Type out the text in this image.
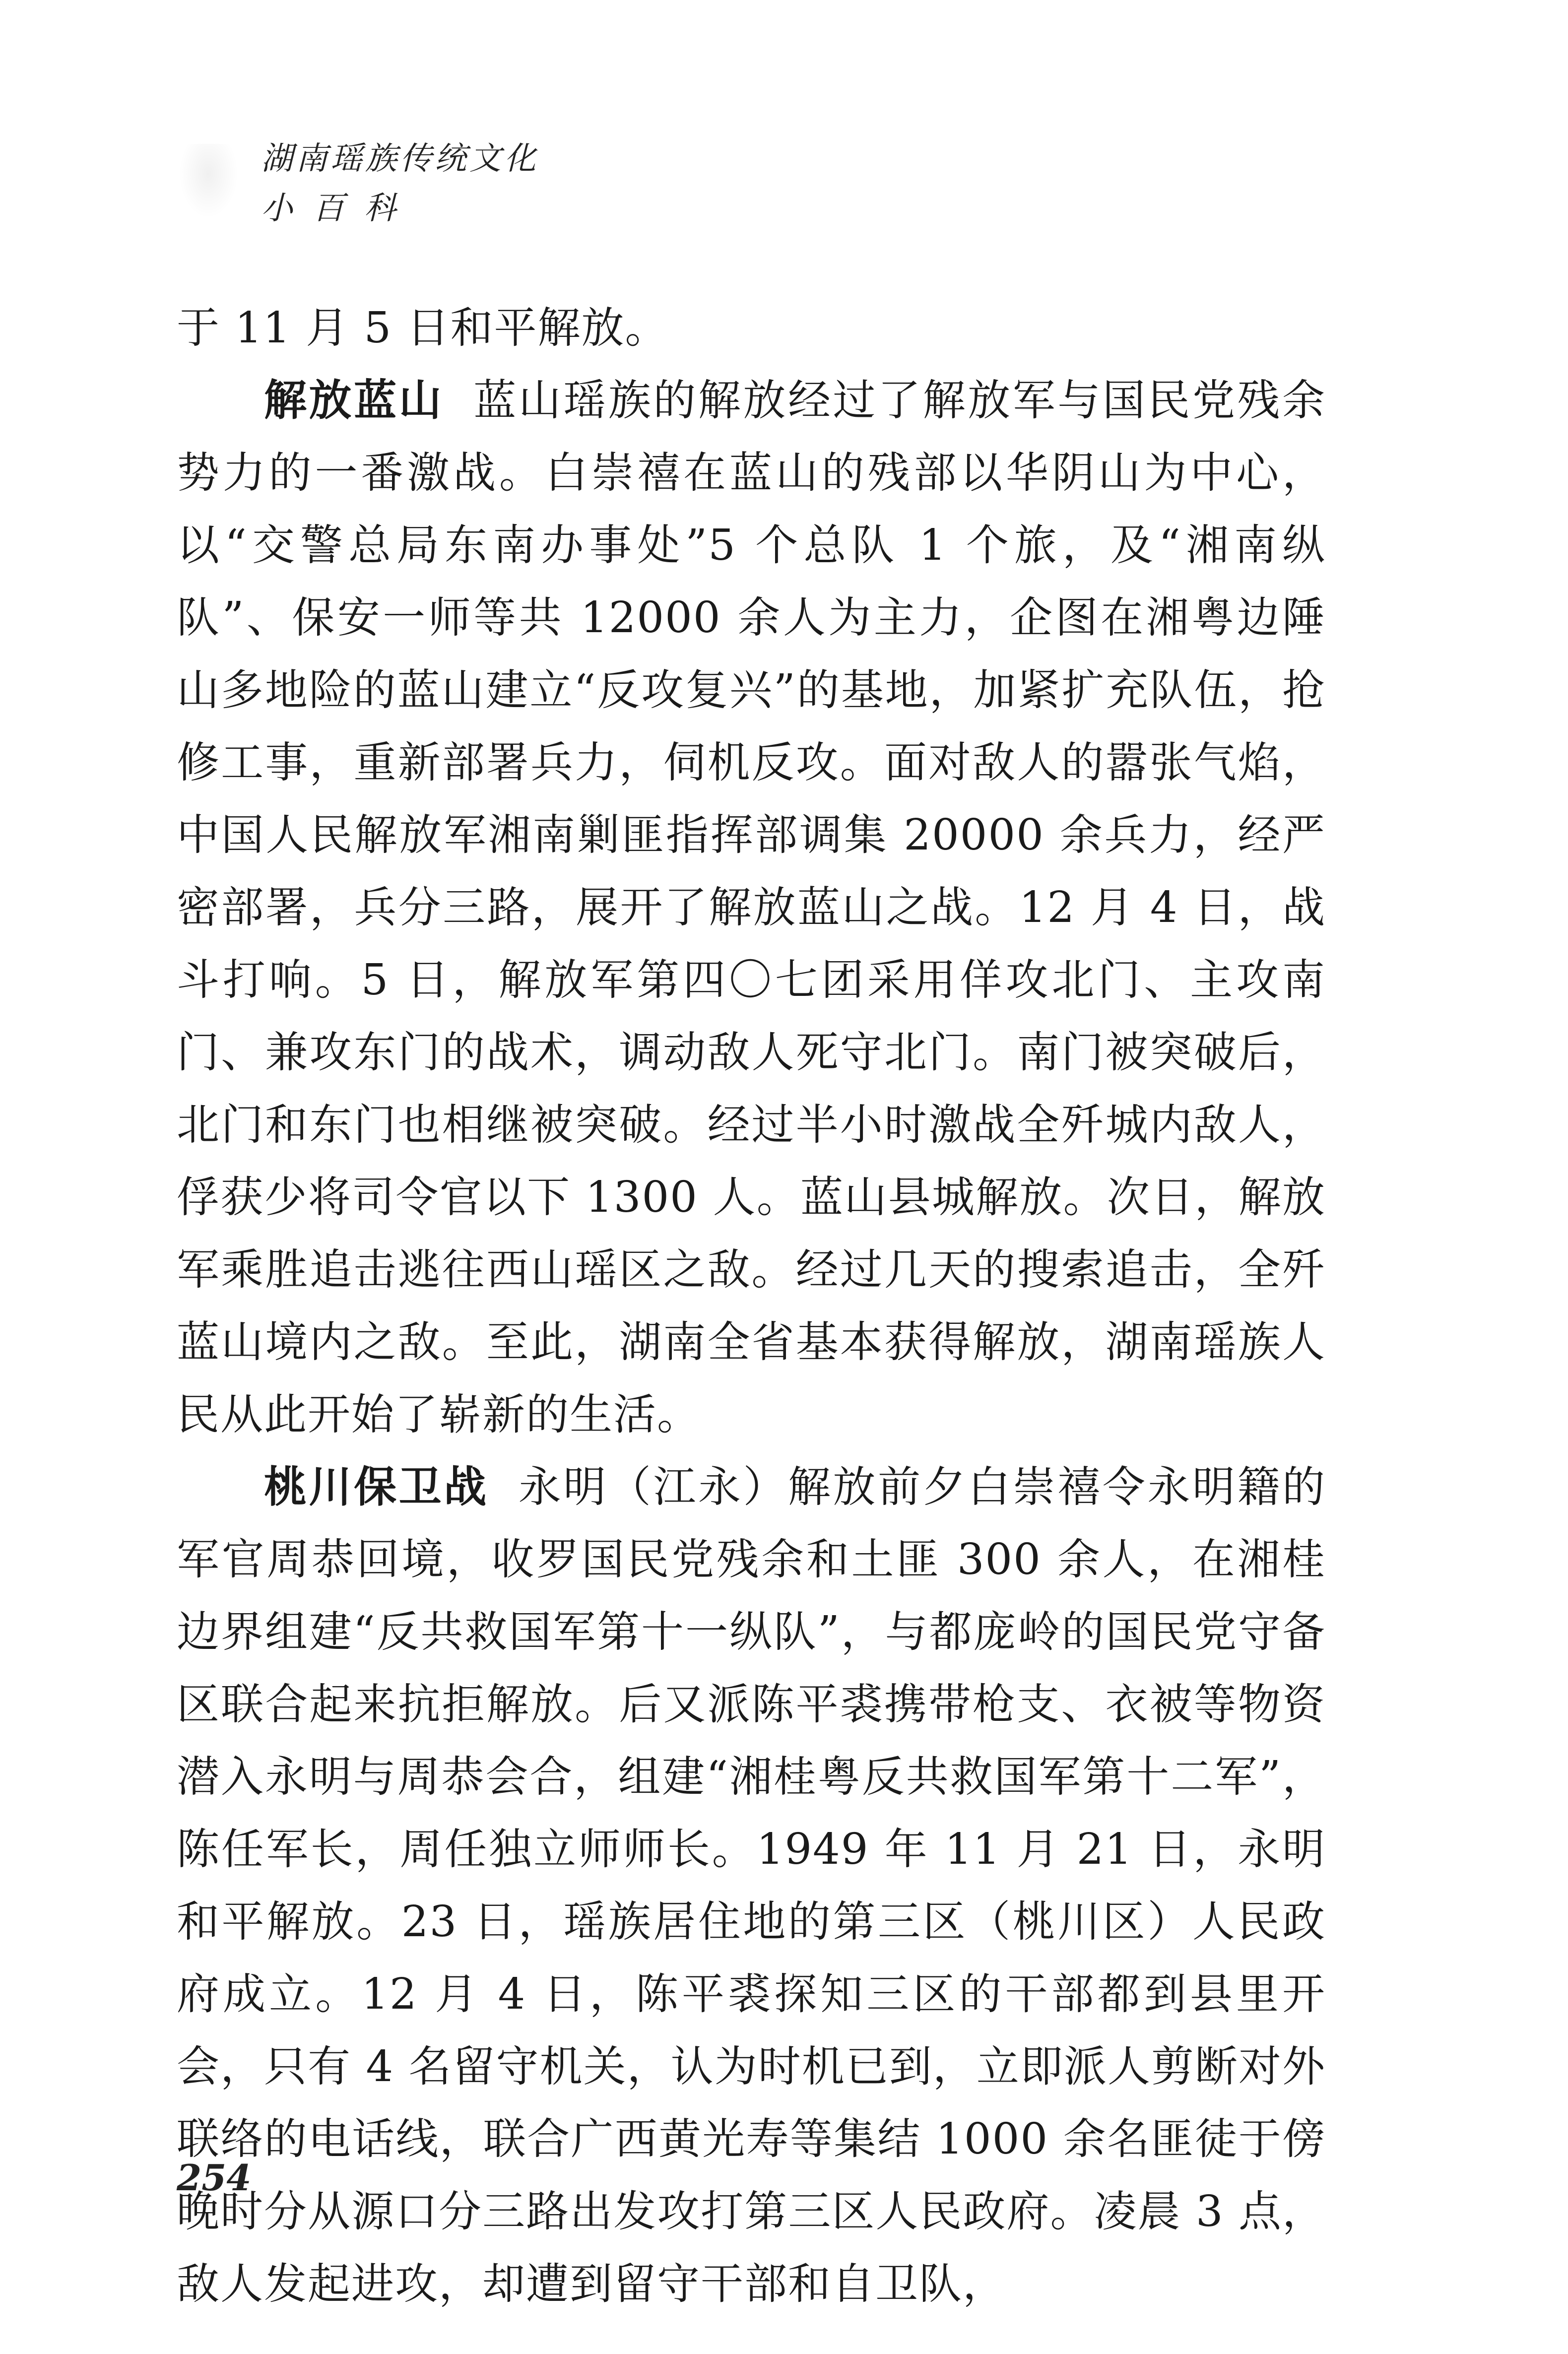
湖南瑶族传统文化
小百科

于 11 月 5 日和平解放。

解放蓝山 蓝山瑶族的解放经过了解放军与国民党残余势力的一番激战。白崇禧在蓝山的残部以华阴山为中心，以“交警总局东南办事处”5 个总队 1 个旅，及“湘南纵队”、保安一师等共 12000 余人为主力，企图在湘粤边陲山多地险的蓝山建立“反攻复兴”的基地，加紧扩充队伍，抢修工事，重新部署兵力，伺机反攻。面对敌人的嚣张气焰，中国人民解放军湘南剿匪指挥部调集 20000 余兵力，经严密部署，兵分三路，展开了解放蓝山之战。12 月 4 日，战斗打响。5 日，解放军第四〇七团采用佯攻北门、主攻南门、兼攻东门的战术，调动敌人死守北门。南门被突破后，北门和东门也相继被突破。经过半小时激战全歼城内敌人，俘获少将司令官以下 1300 人。蓝山县城解放。次日，解放军乘胜追击逃往西山瑶区之敌。经过几天的搜索追击，全歼蓝山境内之敌。至此，湖南全省基本获得解放，湖南瑶族人民从此开始了崭新的生活。

桃川保卫战 永明（江永）解放前夕白崇禧令永明籍的军官周恭回境，收罗国民党残余和土匪 300 余人，在湘桂边界组建“反共救国军第十一纵队”，与都庞岭的国民党守备区联合起来抗拒解放。后又派陈平裘携带枪支、衣被等物资潜入永明与周恭会合，组建“湘桂粤反共救国军第十二军”，陈任军长，周任独立师师长。1949 年 11 月 21 日，永明和平解放。23 日，瑶族居住地的第三区（桃川区）人民政府成立。12 月 4 日，陈平裘探知三区的干部都到县里开会，只有 4 名留守机关，认为时机已到，立即派人剪断对外联络的电话线，联合广西黄光寿等集结 1000 余名匪徒于傍晚时分从源口分三路出发攻打第三区人民政府。凌晨 3 点，敌人发起进攻，却遭到留守干部和自卫队，

254
